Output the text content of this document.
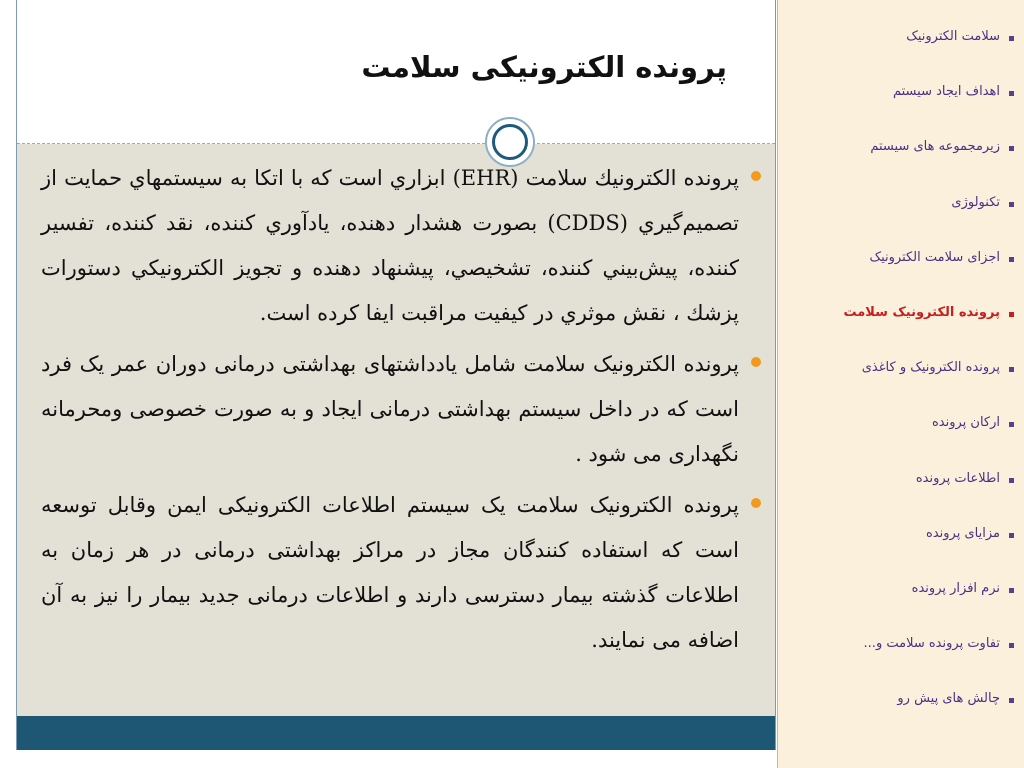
پرونده الکترونیکی سلامت
پرونده الكترونيك سلامت (EHR) ابزاري است كه با اتكا به سيستمهاي حمايت از تصميم‌گيري (CDDS) بصورت هشدار دهنده، يادآوري كننده، نقد كننده، تفسير كننده، پيش‌بيني كننده، تشخيصي، پيشنهاد دهنده و تجويز الكترونيكي دستورات پزشك ، نقش موثري در كيفيت مراقبت ايفا كرده است.
پرونده الکترونیک سلامت شامل یادداشتهای بهداشتی درمانی دوران عمر یک فرد است که در داخل سیستم بهداشتی درمانی ایجاد و به صورت خصوصی ومحرمانه نگهداری می شود .
پرونده الکترونیک سلامت یک سیستم اطلاعات الکترونیکی ایمن وقابل توسعه است که استفاده کنندگان مجاز در مراکز بهداشتی درمانی در هر زمان به اطلاعات گذشته بیمار دسترسی دارند و اطلاعات درمانی جدید بیمار را نیز به آن اضافه می نمایند.
سلامت الکترونیک
اهداف ایجاد سیستم
زیرمجموعه های سیستم
تکنولوژی
اجزای سلامت الکترونیک
پرونده الکترونیک سلامت
پرونده الکترونیک و کاغذی
ارکان پرونده
اطلاعات پرونده
مزایای پرونده
نرم افزار پرونده
تفاوت پرونده سلامت و...
چالش های پیش رو
